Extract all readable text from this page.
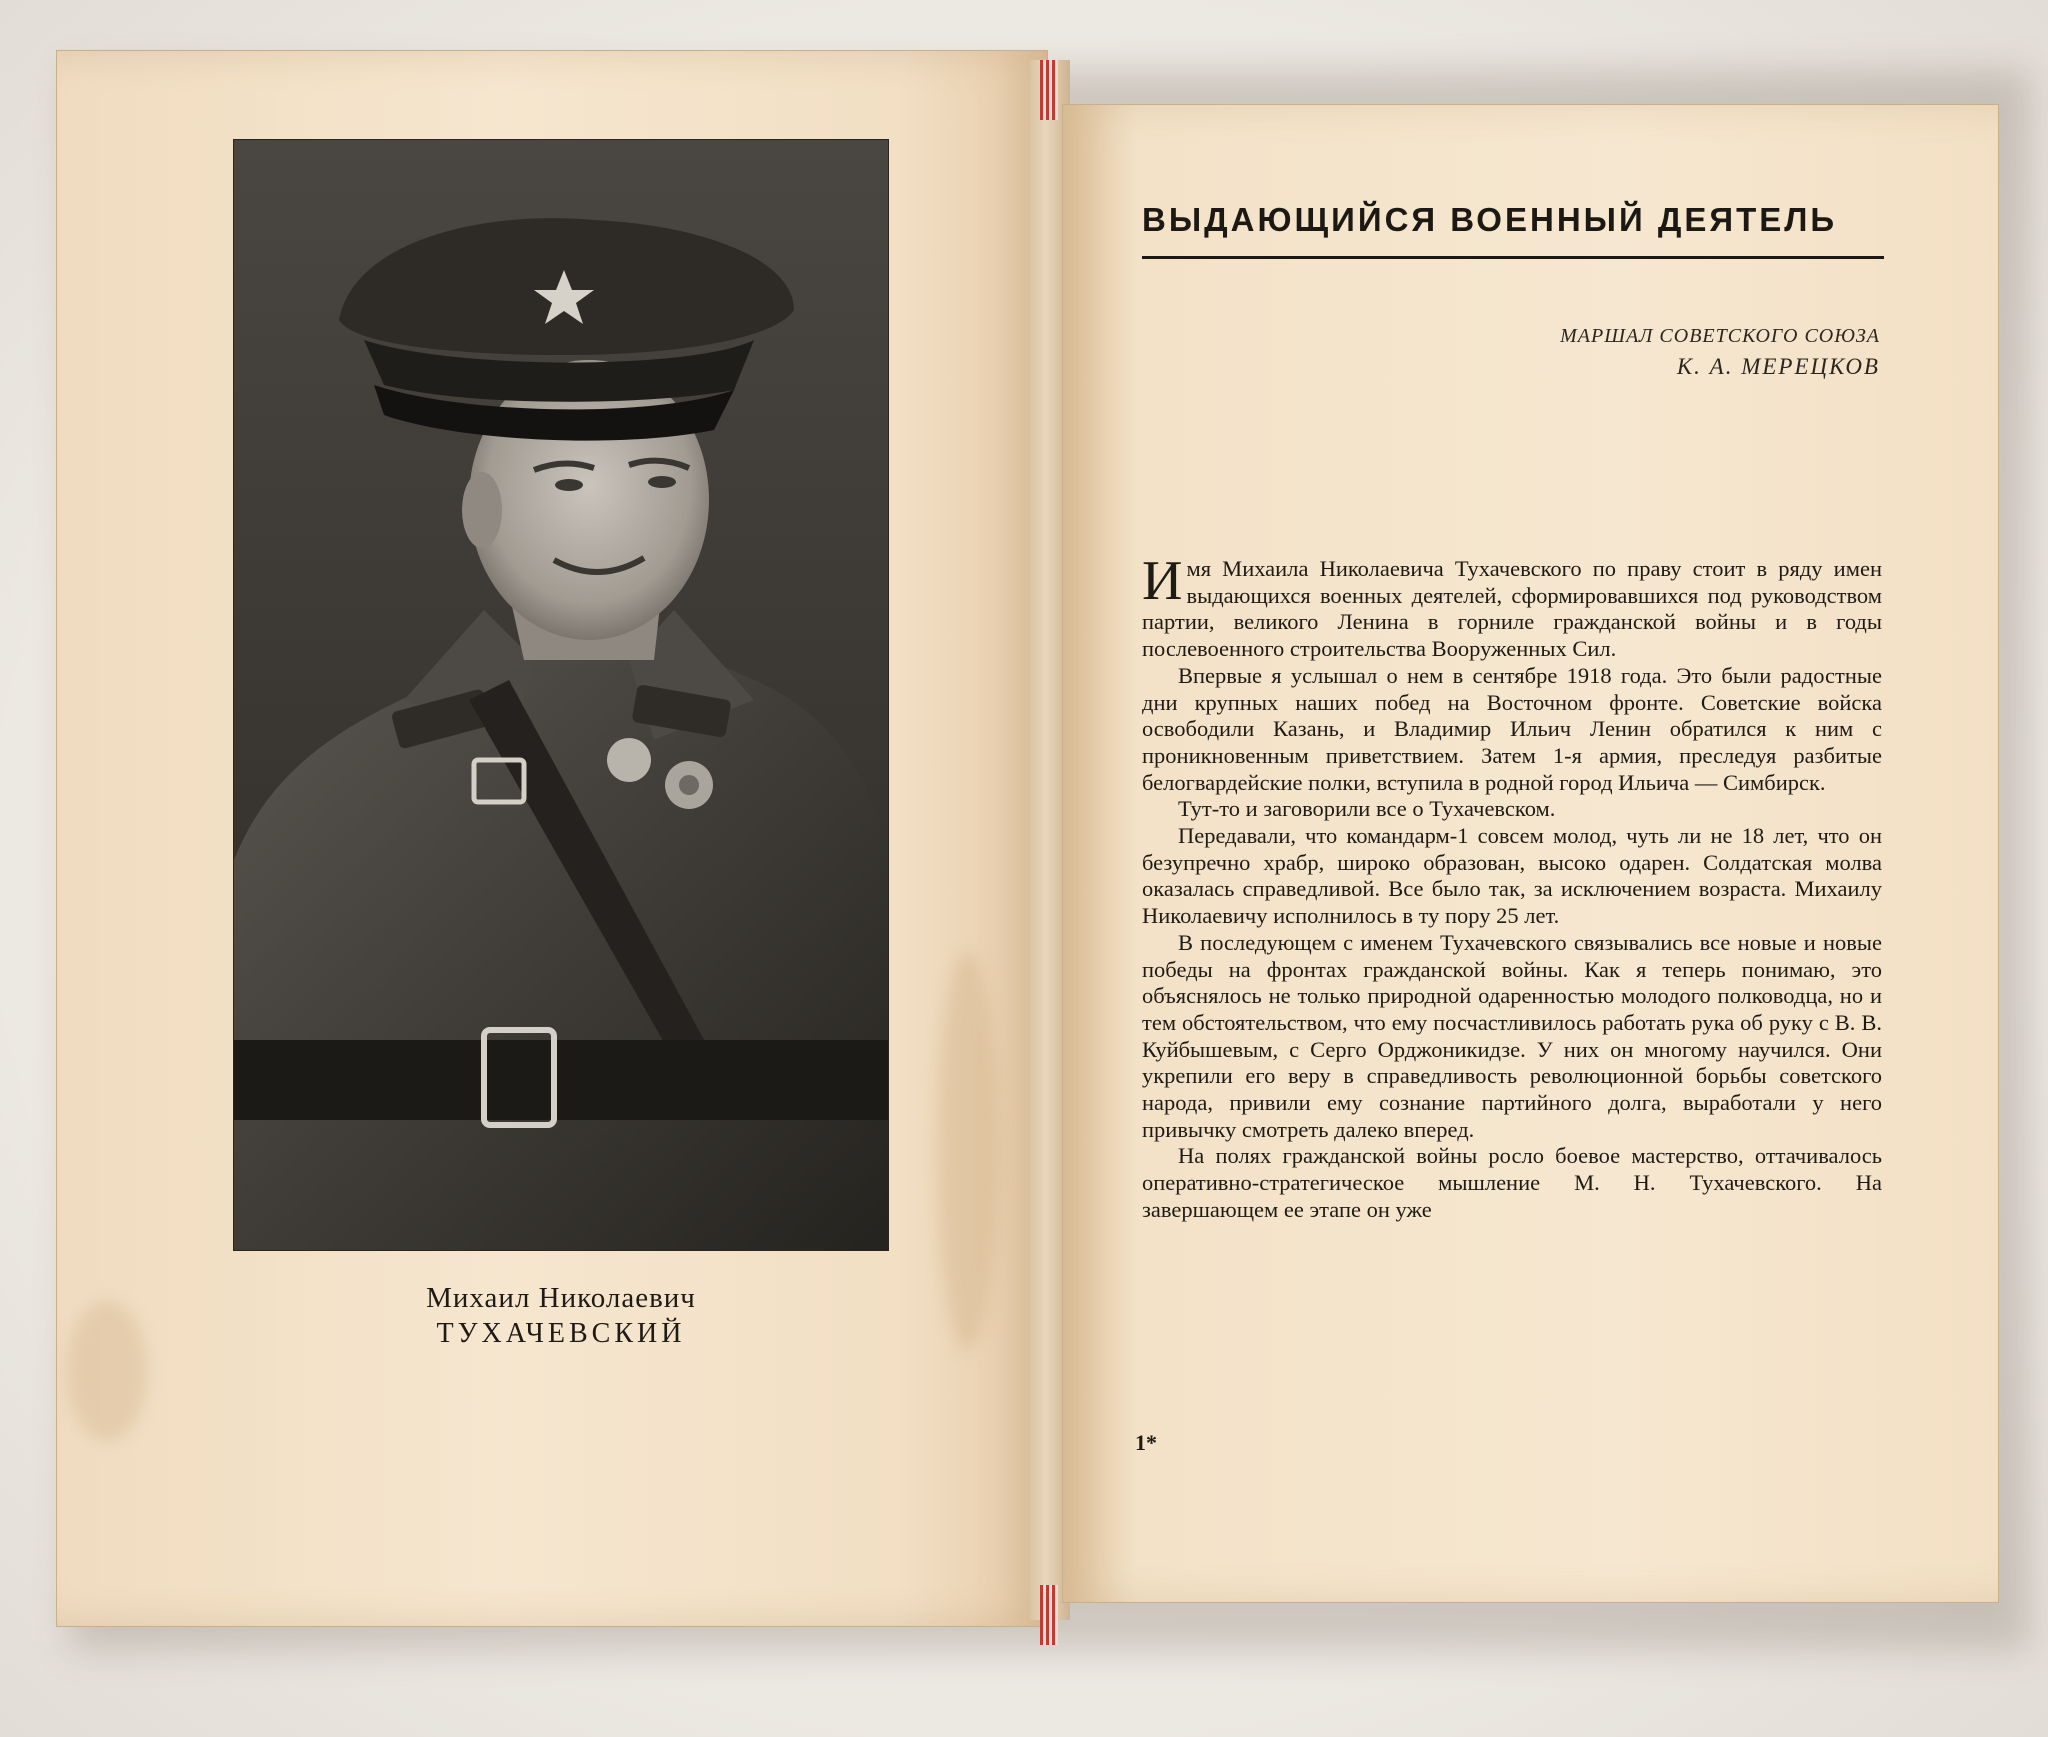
Михаил Николаевич
ТУХАЧЕВСКИЙ
ВЫДАЮЩИЙСЯ ВОЕННЫЙ ДЕЯТЕЛЬ
МАРШАЛ СОВЕТСКОГО СОЮЗА
К. А. МЕРЕЦКОВ

Имя Михаила Николаевича Тухачевского по праву стоит в ряду имен выдающихся военных деятелей, сформировавшихся под руководством партии, великого Ленина в горниле гражданской войны и в годы послевоенного строительства Вооруженных Сил.

Впервые я услышал о нем в сентябре 1918 года. Это были радостные дни крупных наших побед на Восточном фронте. Советские войска освободили Казань, и Владимир Ильич Ленин обратился к ним с проникновенным приветствием. Затем 1-я армия, преследуя разбитые белогвардейские полки, вступила в родной город Ильича — Симбирск.

Тут-то и заговорили все о Тухачевском.

Передавали, что командарм-1 совсем молод, чуть ли не 18 лет, что он безупречно храбр, широко образован, высоко одарен. Солдатская молва оказалась справедливой. Все было так, за исключением возраста. Михаилу Николаевичу исполнилось в ту пору 25 лет.

В последующем с именем Тухачевского связывались все новые и новые победы на фронтах гражданской войны. Как я теперь понимаю, это объяснялось не только природной одаренностью молодого полководца, но и тем обстоятельством, что ему посчастливилось работать рука об руку с В. В. Куйбышевым, с Серго Орджоникидзе. У них он многому научился. Они укрепили его веру в справедливость революционной борьбы советского народа, привили ему сознание партийного долга, выработали у него привычку смотреть далеко вперед.

На полях гражданской войны росло боевое мастерство, оттачивалось оперативно-стратегическое мышление М. Н. Тухачевского. На завершающем ее этапе он уже

1*
